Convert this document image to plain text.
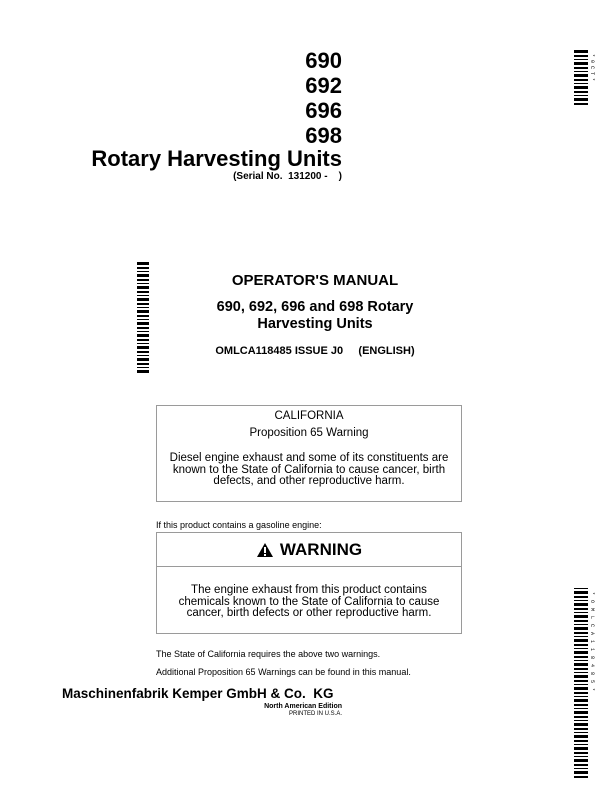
690
692
696
698
Rotary Harvesting Units
(Serial No.  131200 -    )
* 0 C T *
OPERATOR'S MANUAL
690, 692, 696 and 698 Rotary
Harvesting Units
OMLCA118485 ISSUE J0     (ENGLISH)
CALIFORNIA
Proposition 65 Warning
Diesel engine exhaust and some of its constituents are known to the State of California to cause cancer, birth defects, and other reproductive harm.
If this product contains a gasoline engine:
WARNING
The engine exhaust from this product contains chemicals known to the State of California to cause cancer, birth defects or other reproductive harm.
The State of California requires the above two warnings.
Additional Proposition 65 Warnings can be found in this manual.
Maschinenfabrik Kemper GmbH & Co.  KG
North American Edition
PRINTED IN U.S.A.
* O M L C A 1 1 8 4 8 5 *
